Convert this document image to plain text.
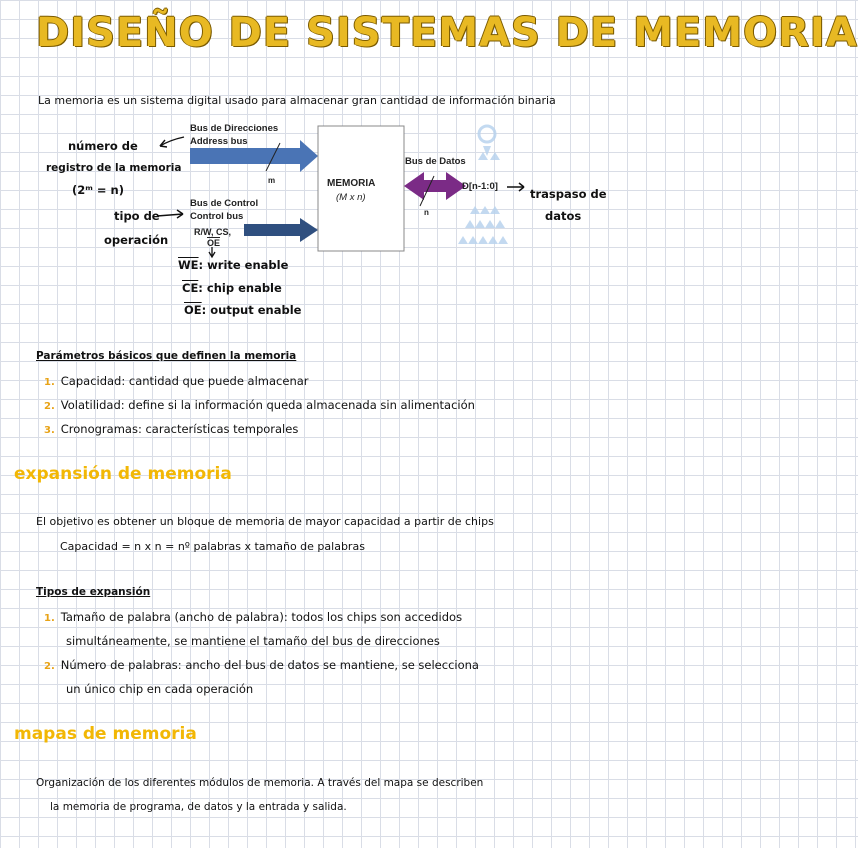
DISEÑO DE SISTEMAS DE MEMORIA
La memoria es un sistema digital usado para almacenar gran cantidad de información binaria
número de
registro de la memoria
(2ᵐ = n)
tipo de
operación
Bus de Direcciones
Address bus
m
Bus de Control
Control bus
R/W, CS,
$\overline{OE}$
MEMORIA
(M x n)
Bus de Datos
D[n-1:0]
n
traspaso de
datos
$\overline{WE}$: write enable
$\overline{CE}$: chip enable
$\overline{OE}$: output enable
Parámetros básicos que definen la memoria
1. Capacidad: cantidad que puede almacenar
2. Volatilidad: define si la información queda almacenada sin alimentación
3. Cronogramas: características temporales
expansión de memoria
El objetivo es obtener un bloque de memoria de mayor capacidad a partir de chips
Capacidad = n x n = nº palabras x tamaño de palabras
Tipos de expansión
1. Tamaño de palabra (ancho de palabra): todos los chips son accedidos
simultáneamente, se mantiene el tamaño del bus de direcciones
2. Número de palabras: ancho del bus de datos se mantiene, se selecciona
un único chip en cada operación
mapas de memoria
Organización de los diferentes módulos de memoria. A través del mapa se describen
la memoria de programa, de datos y la entrada y salida.
